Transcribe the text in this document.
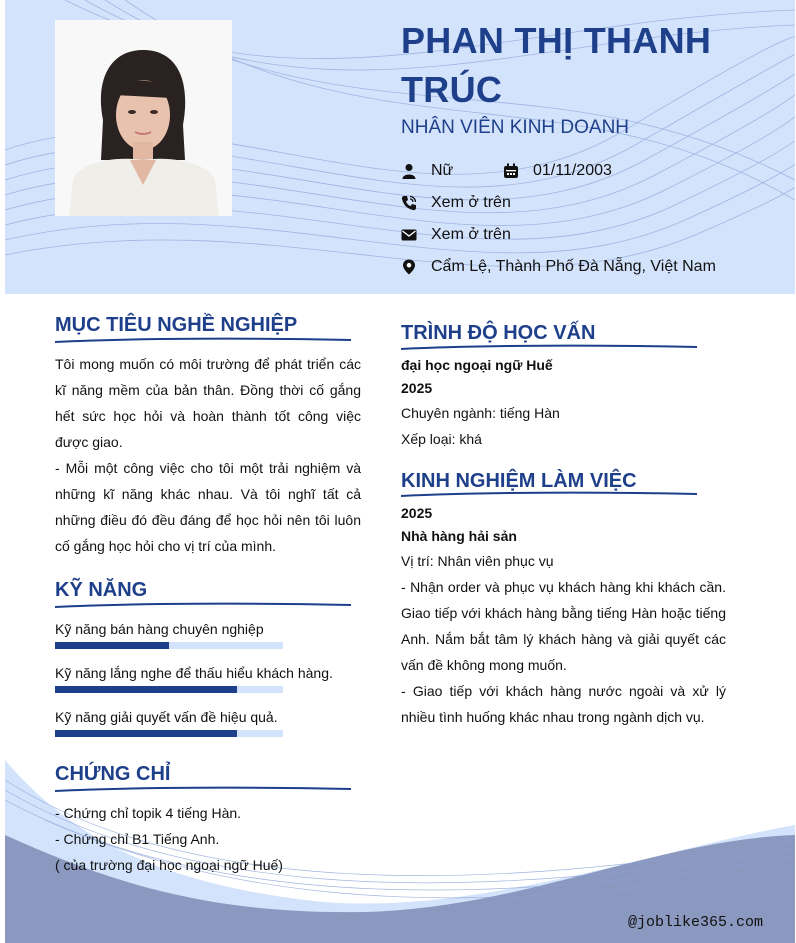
PHAN THỊ THANH TRÚC
NHÂN VIÊN KINH DOANH
Nữ	01/11/2003
Xem ở trên
Xem ở trên
Cẩm Lệ, Thành Phố Đà Nẵng, Việt Nam
@joblike365.com
MỤC TIÊU NGHỀ NGHIỆP
Tôi mong muốn có môi trường để phát triển các kĩ năng mềm của bản thân. Đồng thời cố gắng hết sức học hỏi và hoàn thành tốt công việc được giao.
- Mỗi một công việc cho tôi một trải nghiệm và những kĩ năng khác nhau. Và tôi nghĩ tất cả những điều đó đều đáng để học hỏi nên tôi luôn cố gắng học hỏi cho vị trí của mình.
KỸ NĂNG
Kỹ năng bán hàng chuyên nghiệp
Kỹ năng lắng nghe để thấu hiểu khách hàng.
Kỹ năng giải quyết vấn đề hiệu quả.
CHỨNG CHỈ
- Chứng chỉ topik 4 tiếng Hàn.
- Chứng chỉ B1 Tiếng Anh.
( của trường đại học ngoại ngữ Huế)
TRÌNH ĐỘ HỌC VẤN
đại học ngoại ngữ Huế
2025
Chuyên ngành: tiếng Hàn
Xếp loại: khá
KINH NGHIỆM LÀM VIỆC
2025
Nhà hàng hải sản
Vị trí: Nhân viên phục vụ
- Nhận order và phục vụ khách hàng khi khách cần. Giao tiếp với khách hàng bằng tiếng Hàn hoặc tiếng Anh. Nắm bắt tâm lý khách hàng và giải quyết các vấn đề không mong muốn.
- Giao tiếp với khách hàng nước ngoài và xử lý nhiều tình huống khác nhau trong ngành dịch vụ.
